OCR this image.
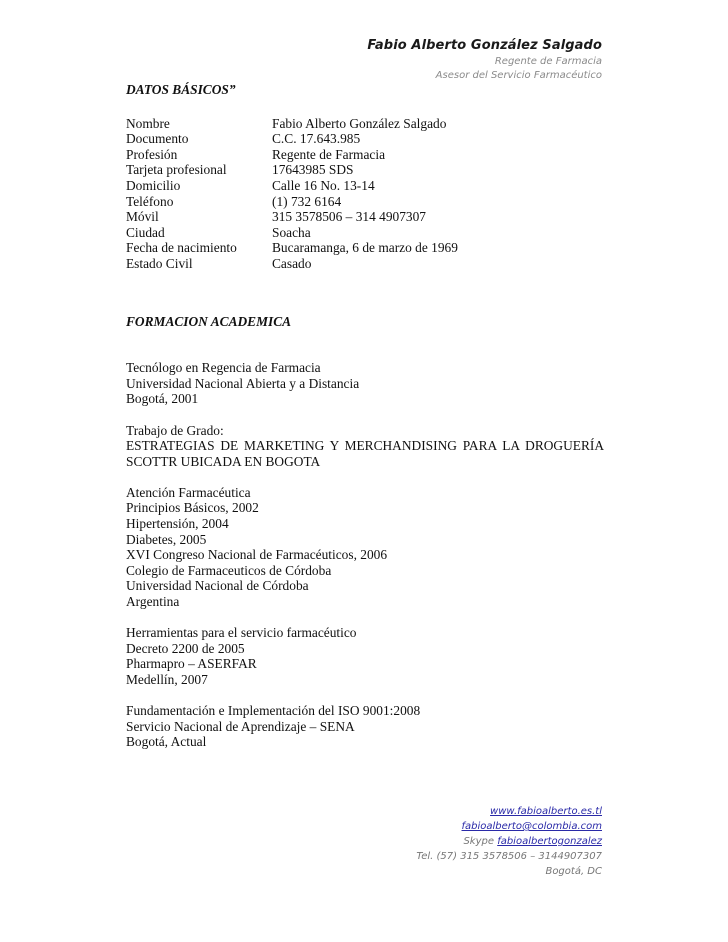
Fabio Alberto González Salgado
Regente de Farmacia
Asesor del Servicio Farmacéutico
DATOS BÁSICOS”
Nombre	Fabio Alberto González Salgado
Documento	C.C. 17.643.985
Profesión	Regente de Farmacia
Tarjeta profesional	17643985 SDS
Domicilio	Calle 16 No. 13-14
Teléfono	(1) 732 6164
Móvil	315 3578506 – 314 4907307
Ciudad	Soacha
Fecha de nacimiento	Bucaramanga, 6 de marzo de 1969
Estado Civil	Casado
FORMACION ACADEMICA
Tecnólogo en Regencia de Farmacia
Universidad Nacional Abierta y a Distancia
Bogotá, 2001
Trabajo de Grado:
ESTRATEGIAS DE MARKETING Y MERCHANDISING PARA LA DROGUERÍA
SCOTTR UBICADA EN BOGOTA
Atención Farmacéutica
Principios Básicos, 2002
Hipertensión, 2004
Diabetes, 2005
XVI Congreso Nacional de Farmacéuticos, 2006
Colegio de Farmaceuticos de Córdoba
Universidad Nacional de Córdoba
Argentina
Herramientas para el servicio farmacéutico
Decreto 2200 de 2005
Pharmapro – ASERFAR
Medellín, 2007
Fundamentación e Implementación del ISO 9001:2008
Servicio Nacional de Aprendizaje – SENA
Bogotá, Actual
www.fabioalberto.es.tl
fabioalberto@colombia.com
Skype fabioalbertogonzalez
Tel. (57) 315 3578506 – 3144907307
Bogotá, DC
